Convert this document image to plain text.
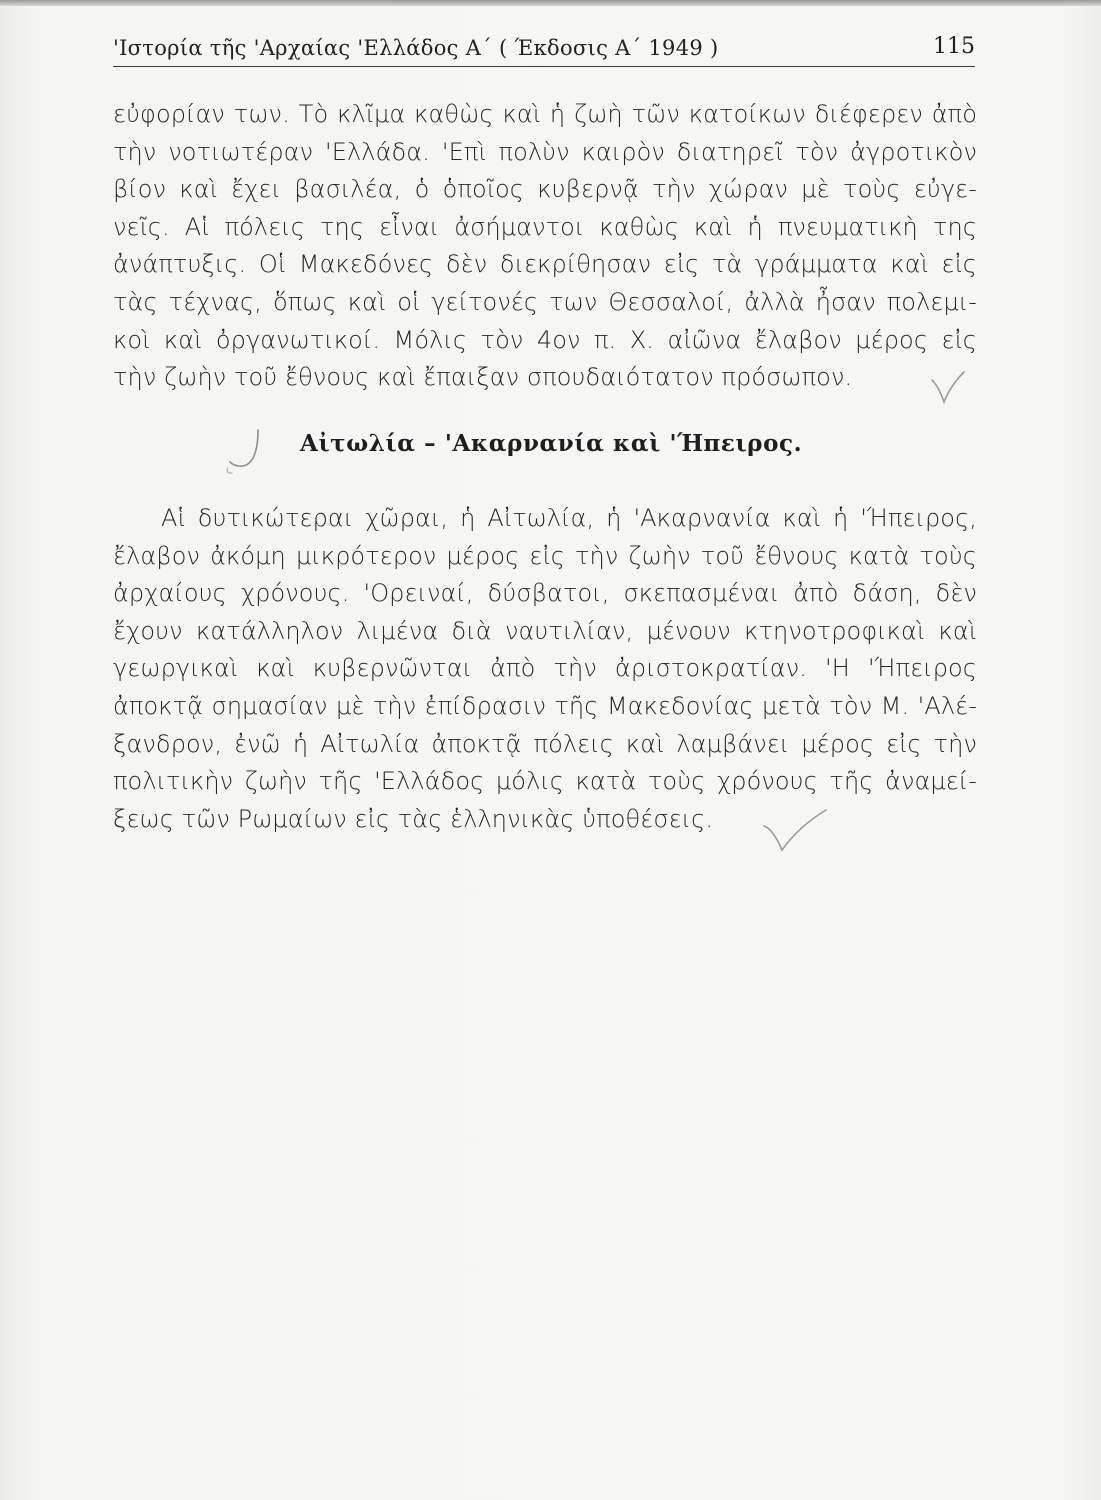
'Ιστορία τῆς 'Αρχαίας 'Ελλάδος Α΄ ( Έκδοσις Α΄ 1949 )	115
εὐφορίαν των. Τὸ κλῖμα καθὼς καὶ ἡ ζωὴ τῶν κατοίκων διέφερεν ἀπὸ
τὴν νοτιωτέραν 'Ελλάδα. 'Επὶ πολὺν καιρὸν διατηρεῖ τὸν ἀγροτικὸν
βίον καὶ ἔχει βασιλέα, ὁ ὁποῖος κυβερνᾷ τὴν χώραν μὲ τοὺς εὐγε-
νεῖς. Αἱ πόλεις της εἶναι ἀσήμαντοι καθὼς καὶ ἡ πνευματικὴ της
ἀνάπτυξις. Οἱ Μακεδόνες δὲν διεκρίθησαν εἰς τὰ γράμματα καὶ εἰς
τὰς τέχνας, ὅπως καὶ οἱ γείτονές των Θεσσαλοί, ἀλλὰ ἦσαν πολεμι-
κοὶ καὶ ὀργανωτικοί. Μόλις τὸν 4ον π. Χ. αἰῶνα ἔλαβον μέρος εἰς
τὴν ζωὴν τοῦ ἔθνους καὶ ἔπαιξαν σπουδαιότατον πρόσωπον.
Αἰτωλία – 'Ακαρνανία καὶ 'Ήπειρος.
Αἱ δυτικώτεραι χῶραι, ἡ Αἰτωλία, ἡ 'Ακαρνανία καὶ ἡ 'Ήπειρος,
ἔλαβον ἀκόμη μικρότερον μέρος εἰς τὴν ζωὴν τοῦ ἔθνους κατὰ τοὺς
ἀρχαίους χρόνους. 'Ορειναί, δύσβατοι, σκεπασμέναι ἀπὸ δάση, δὲν
ἔχουν κατάλληλον λιμένα διὰ ναυτιλίαν, μένουν κτηνοτροφικαὶ καὶ
γεωργικαὶ καὶ κυβερνῶνται ἀπὸ τὴν ἀριστοκρατίαν. 'Η 'Ήπειρος
ἀποκτᾷ σημασίαν μὲ τὴν ἐπίδρασιν τῆς Μακεδονίας μετὰ τὸν Μ. 'Αλέ-
ξανδρον, ἐνῶ ἡ Αἰτωλία ἀποκτᾷ πόλεις καὶ λαμβάνει μέρος εἰς τὴν
πολιτικὴν ζωὴν τῆς 'Ελλάδος μόλις κατὰ τοὺς χρόνους τῆς ἀναμεί-
ξεως τῶν Ρωμαίων εἰς τὰς ἑλληνικὰς ὑποθέσεις.
